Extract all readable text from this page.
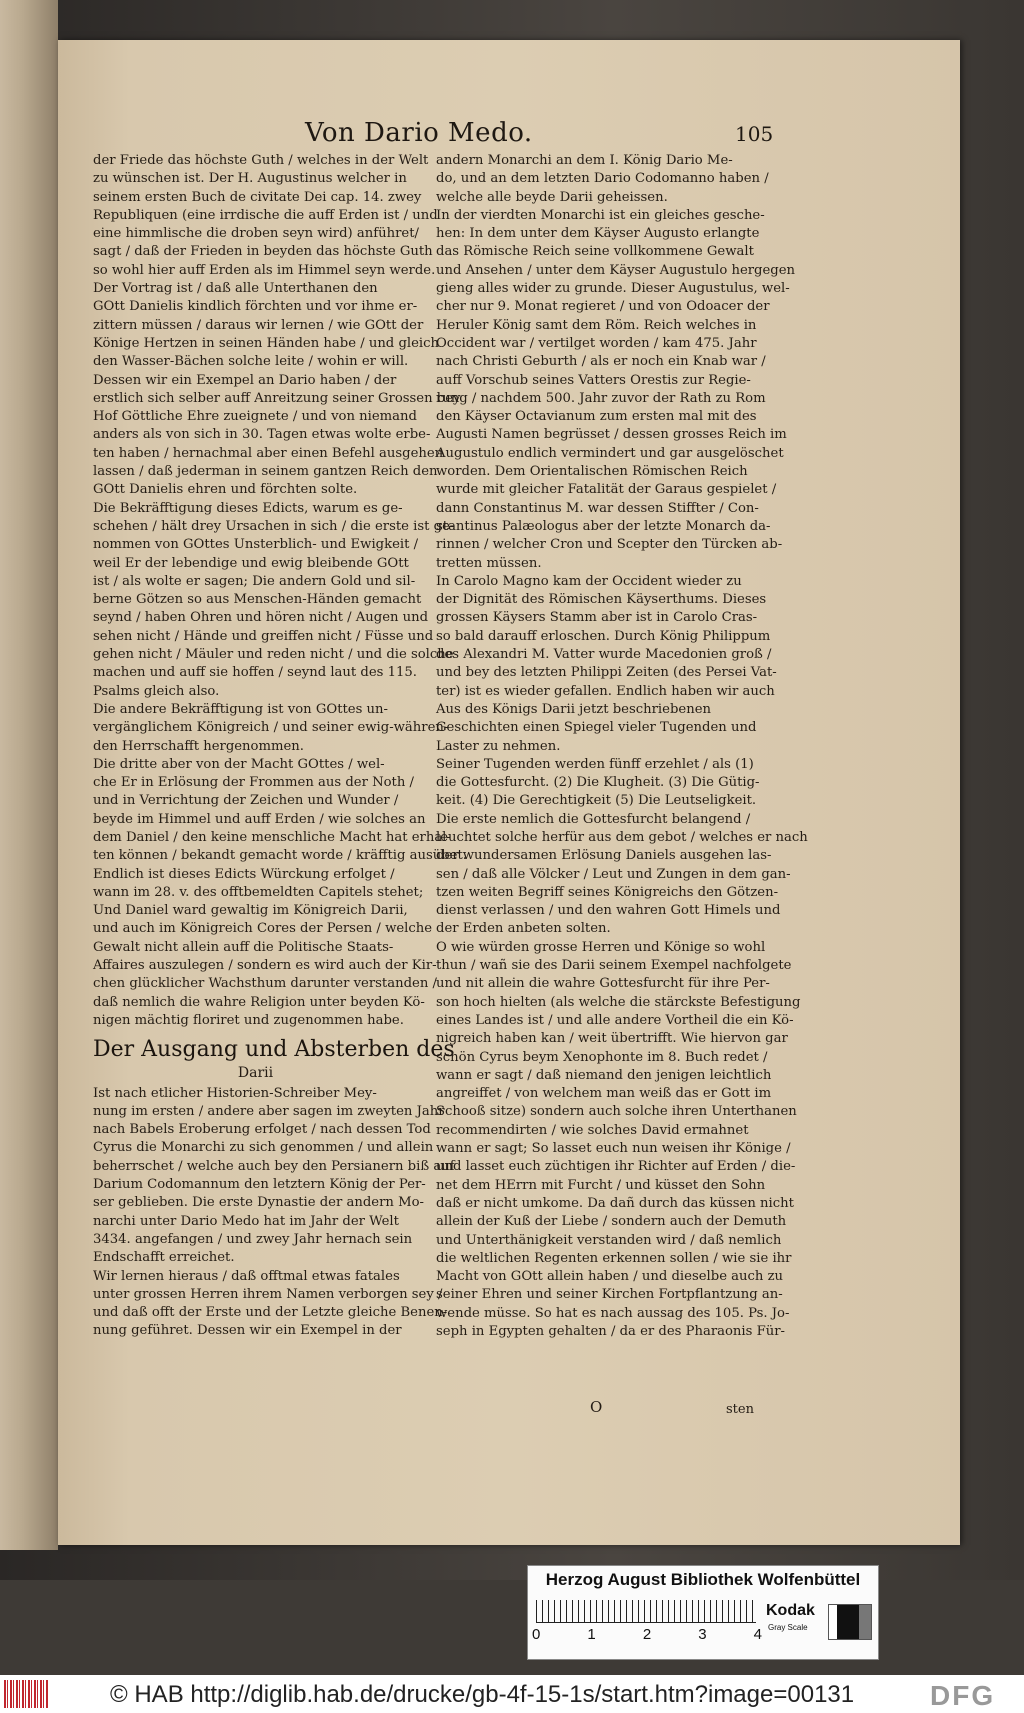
Von Dario Medo.	105

der Friede das höchste Guth / welches in der Welt
zu wünschen ist. Der H. Augustinus welcher in
seinem ersten Buch de civitate Dei cap. 14. zwey
Republiquen (eine irrdische die auff Erden ist / und
eine himmlische die droben seyn wird) anführet/
sagt / daß der Frieden in beyden das höchste Guth
so wohl hier auff Erden als im Himmel seyn werde.

Der Vortrag ist / daß alle Unterthanen den
GOtt Danielis kindlich förchten und vor ihme er-
zittern müssen / daraus wir lernen / wie GOtt der
Könige Hertzen in seinen Händen habe / und gleich
den Wasser-Bächen solche leite / wohin er will.
Dessen wir ein Exempel an Dario haben / der
erstlich sich selber auff Anreitzung seiner Grossen bey
Hof Göttliche Ehre zueignete / und von niemand
anders als von sich in 30. Tagen etwas wolte erbe-
ten haben / hernachmal aber einen Befehl ausgehen
lassen / daß jederman in seinem gantzen Reich den
GOtt Danielis ehren und förchten solte.

Die Bekräfftigung dieses Edicts, warum es ge-
schehen / hält drey Ursachen in sich / die erste ist ge-
nommen von GOttes Unsterblich- und Ewigkeit /
weil Er der lebendige und ewig bleibende GOtt
ist / als wolte er sagen; Die andern Gold und sil-
berne Götzen so aus Menschen-Händen gemacht
seynd / haben Ohren und hören nicht / Augen und
sehen nicht / Hände und greiffen nicht / Füsse und
gehen nicht / Mäuler und reden nicht / und die solche
machen und auff sie hoffen / seynd laut des 115.
Psalms gleich also.

Die andere Bekräfftigung ist von GOttes un-
vergänglichem Königreich / und seiner ewig-währen-
den Herrschafft hergenommen.

Die dritte aber von der Macht GOttes / wel-
che Er in Erlösung der Frommen aus der Noth /
und in Verrichtung der Zeichen und Wunder /
beyde im Himmel und auff Erden / wie solches an
dem Daniel / den keine menschliche Macht hat erhal-
ten können / bekandt gemacht worde / kräfftig ausübet.

Endlich ist dieses Edicts Würckung erfolget /
wann im 28. v. des offtbemeldten Capitels stehet;
Und Daniel ward gewaltig im Königreich Darii,
und auch im Königreich Cores der Persen / welche
Gewalt nicht allein auff die Politische Staats-
Affaires auszulegen / sondern es wird auch der Kir-
chen glücklicher Wachsthum darunter verstanden /
daß nemlich die wahre Religion unter beyden Kö-
nigen mächtig floriret und zugenommen habe.

Der Ausgang und Absterben des
Darii

Ist nach etlicher Historien-Schreiber Mey-
nung im ersten / andere aber sagen im zweyten Jahr
nach Babels Eroberung erfolget / nach dessen Tod
Cyrus die Monarchi zu sich genommen / und allein
beherrschet / welche auch bey den Persianern biß auf
Darium Codomannum den letztern König der Per-
ser geblieben. Die erste Dynastie der andern Mo-
narchi unter Dario Medo hat im Jahr der Welt
3434. angefangen / und zwey Jahr hernach sein
Endschafft erreichet.

Wir lernen hieraus / daß offtmal etwas fatales
unter grossen Herren ihrem Namen verborgen sey /
und daß offt der Erste und der Letzte gleiche Benen-
nung geführet. Dessen wir ein Exempel in der

andern Monarchi an dem I. König Dario Me-
do, und an dem letzten Dario Codomanno haben /
welche alle beyde Darii geheissen.

In der vierdten Monarchi ist ein gleiches gesche-
hen: In dem unter dem Käyser Augusto erlangte
das Römische Reich seine vollkommene Gewalt
und Ansehen / unter dem Käyser Augustulo hergegen
gieng alles wider zu grunde. Dieser Augustulus, wel-
cher nur 9. Monat regieret / und von Odoacer der
Heruler König samt dem Röm. Reich welches in
Occident war / vertilget worden / kam 475. Jahr
nach Christi Geburth / als er noch ein Knab war /
auff Vorschub seines Vatters Orestis zur Regie-
rung / nachdem 500. Jahr zuvor der Rath zu Rom
den Käyser Octavianum zum ersten mal mit des
Augusti Namen begrüsset / dessen grosses Reich im
Augustulo endlich vermindert und gar ausgelöschet
worden. Dem Orientalischen Römischen Reich
wurde mit gleicher Fatalität der Garaus gespielet /
dann Constantinus M. war dessen Stiffter / Con-
stantinus Palæologus aber der letzte Monarch da-
rinnen / welcher Cron und Scepter den Türcken ab-
tretten müssen.

In Carolo Magno kam der Occident wieder zu
der Dignität des Römischen Käyserthums. Dieses
grossen Käysers Stamm aber ist in Carolo Cras-
so bald darauff erloschen. Durch König Philippum
des Alexandri M. Vatter wurde Macedonien groß /
und bey des letzten Philippi Zeiten (des Persei Vat-
ter) ist es wieder gefallen. Endlich haben wir auch
Aus des Königs Darii jetzt beschriebenen
Geschichten einen Spiegel vieler Tugenden und
Laster zu nehmen.

Seiner Tugenden werden fünff erzehlet / als (1)
die Gottesfurcht. (2) Die Klugheit. (3) Die Gütig-
keit. (4) Die Gerechtigkeit (5) Die Leutseligkeit.

Die erste nemlich die Gottesfurcht belangend /
leuchtet solche herfür aus dem gebot / welches er nach
der wundersamen Erlösung Daniels ausgehen las-
sen / daß alle Völcker / Leut und Zungen in dem gan-
tzen weiten Begriff seines Königreichs den Götzen-
dienst verlassen / und den wahren Gott Himels und
der Erden anbeten solten.

O wie würden grosse Herren und Könige so wohl
thun / wañ sie des Darii seinem Exempel nachfolgete
und nit allein die wahre Gottesfurcht für ihre Per-
son hoch hielten (als welche die stärckste Befestigung
eines Landes ist / und alle andere Vortheil die ein Kö-
nigreich haben kan / weit übertrifft. Wie hiervon gar
schön Cyrus beym Xenophonte im 8. Buch redet /
wann er sagt / daß niemand den jenigen leichtlich
angreiffet / von welchem man weiß das er Gott im
Schooß sitze) sondern auch solche ihren Unterthanen
recommendirten / wie solches David ermahnet
wann er sagt; So lasset euch nun weisen ihr Könige /
und lasset euch züchtigen ihr Richter auf Erden / die-
net dem HErrn mit Furcht / und küsset den Sohn
daß er nicht umkome. Da dañ durch das küssen nicht
allein der Kuß der Liebe / sondern auch der Demuth
und Unterthänigkeit verstanden wird / daß nemlich
die weltlichen Regenten erkennen sollen / wie sie ihr
Macht von GOtt allein haben / und dieselbe auch zu
seiner Ehren und seiner Kirchen Fortpflantzung an-
wende müsse. So hat es nach aussag des 105. Ps. Jo-
seph in Egypten gehalten / da er des Pharaonis Für-

O	sten
Herzog August Bibliothek Wolfenbüttel
0	1	2	3	4
Kodak
Gray Scale
© HAB http://diglib.hab.de/drucke/gb-4f-15-1s/start.htm?image=00131	DFG
